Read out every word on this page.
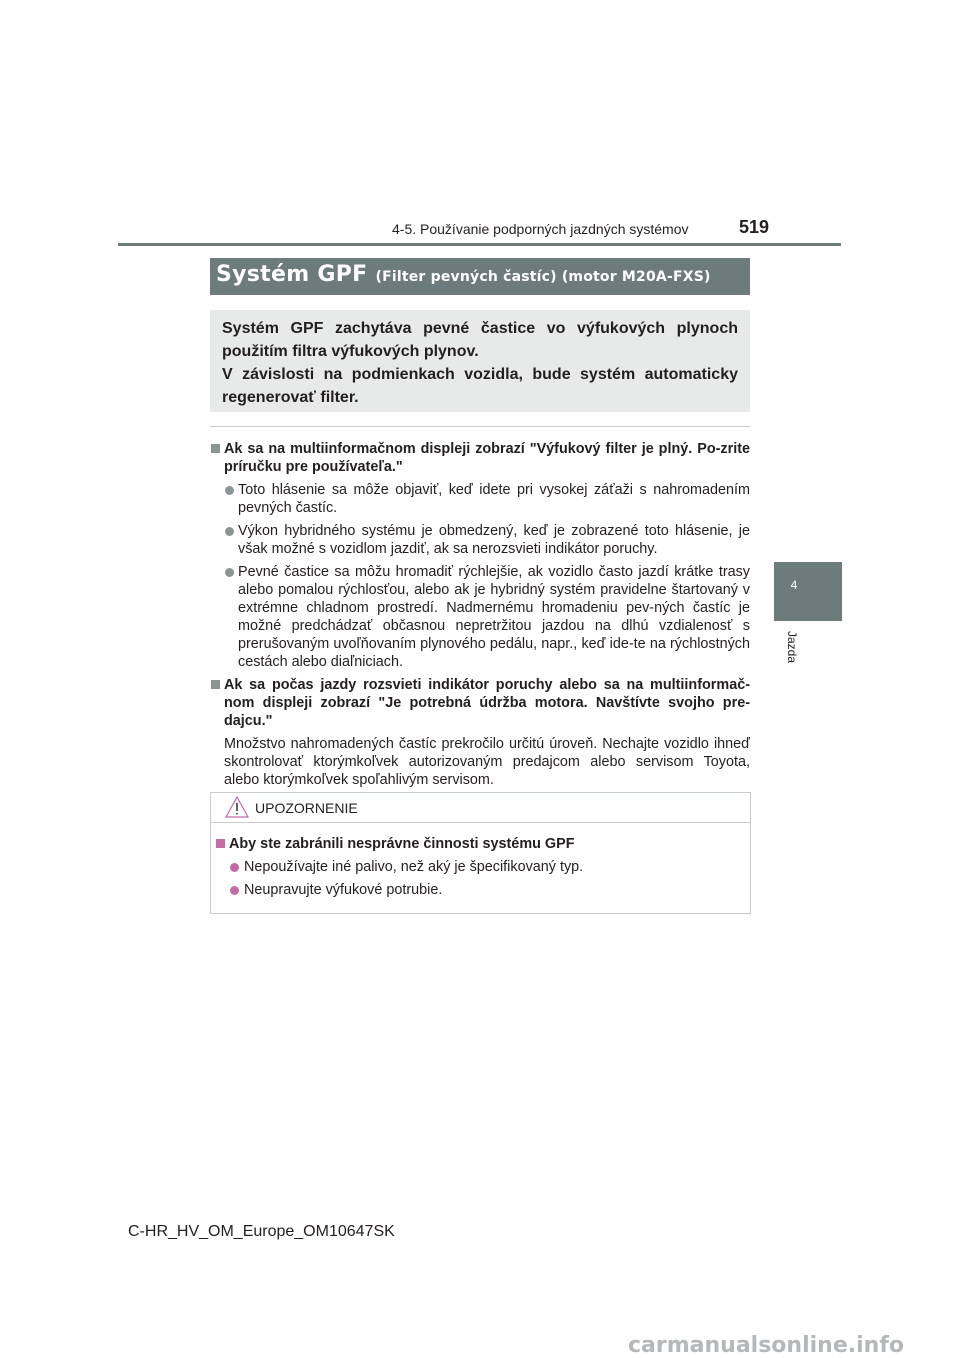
4-5. Používanie podporných jazdných systémov	519
4
Jazda
Systém GPF (Filter pevných častíc) (motor M20A-FXS)

Systém GPF zachytáva pevné častice vo výfukových plynoch použitím filtra výfukových plynov.

V závislosti na podmienkach vozidla, bude systém automaticky regenerovať filter.

Ak sa na multiinformačnom displeji zobrazí "Výfukový filter je plný. Po-zrite príručku pre používateľa."
Toto hlásenie sa môže objaviť, keď idete pri vysokej záťaži s nahromadením pevných častíc.
Výkon hybridného systému je obmedzený, keď je zobrazené toto hlásenie, je však možné s vozidlom jazdiť, ak sa nerozsvieti indikátor poruchy.
Pevné častice sa môžu hromadiť rýchlejšie, ak vozidlo často jazdí krátke trasy alebo pomalou rýchlosťou, alebo ak je hybridný systém pravidelne štartovaný v extrémne chladnom prostredí. Nadmernému hromadeniu pev-ných častíc je možné predchádzať občasnou nepretržitou jazdou na dlhú vzdialenosť s prerušovaným uvoľňovaním plynového pedálu, napr., keď ide-te na rýchlostných cestách alebo diaľniciach.
Ak sa počas jazdy rozsvieti indikátor poruchy alebo sa na multiinformač-nom displeji zobrazí "Je potrebná údržba motora. Navštívte svojho pre-dajcu."

Množstvo nahromadených častíc prekročilo určitú úroveň. Nechajte vozidlo ihneď skontrolovať ktorýmkoľvek autorizovaným predajcom alebo servisom Toyota, alebo ktorýmkoľvek spoľahlivým servisom.

UPOZORNENIE
Aby ste zabránili nesprávne činnosti systému GPF
Nepoužívajte iné palivo, než aký je špecifikovaný typ.
Neupravujte výfukové potrubie.
C-HR_HV_OM_Europe_OM10647SK
carmanualsonline.info
